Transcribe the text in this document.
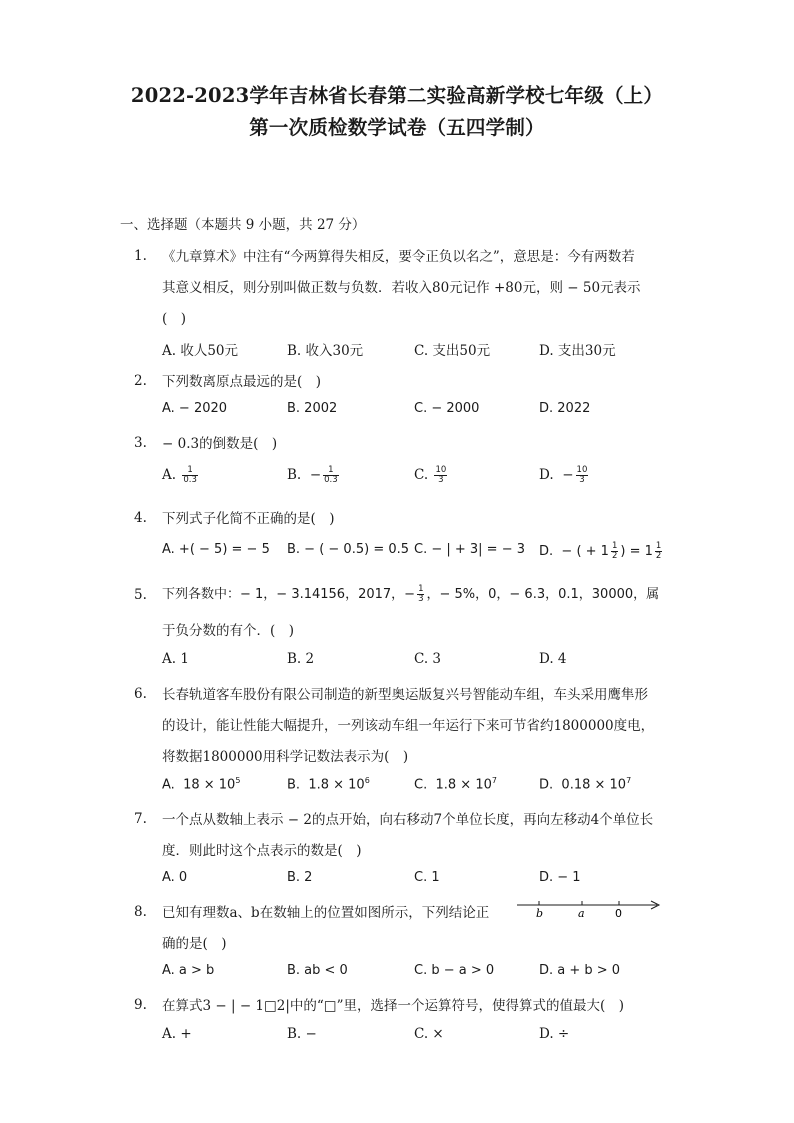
2022-2023学年吉林省长春第二实验高新学校七年级（上）
第一次质检数学试卷（五四学制）
一、选择题（本题共 9 小题，共 27 分）
1. 《九章算术》中注有“今两算得失相反，要令正负以名之”，意思是：今有两数若
其意义相反，则分别叫做正数与负数．若收入80元记作 +80元，则 − 50元表示
(　)
A. 收人50元	B. 收入30元	C. 支出50元	D. 支出30元
2. 下列数离原点最远的是(　)
A. − 2020	B. 2002	C. − 2000	D. 2022
3. − 0.3的倒数是(　)
A. $\frac{1}{0.3}$	B. − $\frac{1}{0.3}$	C. $\frac{10}{3}$	D. − $\frac{10}{3}$
4. 下列式子化简不正确的是(　)
A. +( − 5) = − 5 B. − ( − 0.5) = 0.5 C. − | + 3| = − 3 D. − ( + $1 \frac{1}{2}$ ) = $1 \frac{1}{2}$
5. 下列各数中：− 1，− 3.14156，2017，− $\frac{1}{3}$ ，− 5%，0，− 6.3，0.1，30000，属
于负分数的有个．(　)
A. 1	B. 2	C. 3	D. 4
6. 长春轨道客车股份有限公司制造的新型奥运版复兴号智能动车组，车头采用鹰隼形
的设计，能让性能大幅提升，一列该动车组一年运行下来可节省约1800000度电，
将数据1800000用科学记数法表示为(　)
A. $18 \times 10^5$	B. $1.8 \times 10^6$	C. $1.8 \times 10^7$	D. $0.18 \times 10^7$
7. 一个点从数轴上表示 − 2的点开始，向右移动7个单位长度，再向左移动4个单位长
度．则此时这个点表示的数是(　)
A. 0	B. 2	C. 1	D. − 1
8. 已知有理数a、b在数轴上的位置如图所示，下列结论正
确的是(　)
b	a	0
A. a > b	B. ab < 0	C. b − a > 0	D. a + b > 0
9. 在算式3 − | − 1□2|中的“□”里，选择一个运算符号，使得算式的值最大(　)
A. +	B. −	C. ×	D. ÷
